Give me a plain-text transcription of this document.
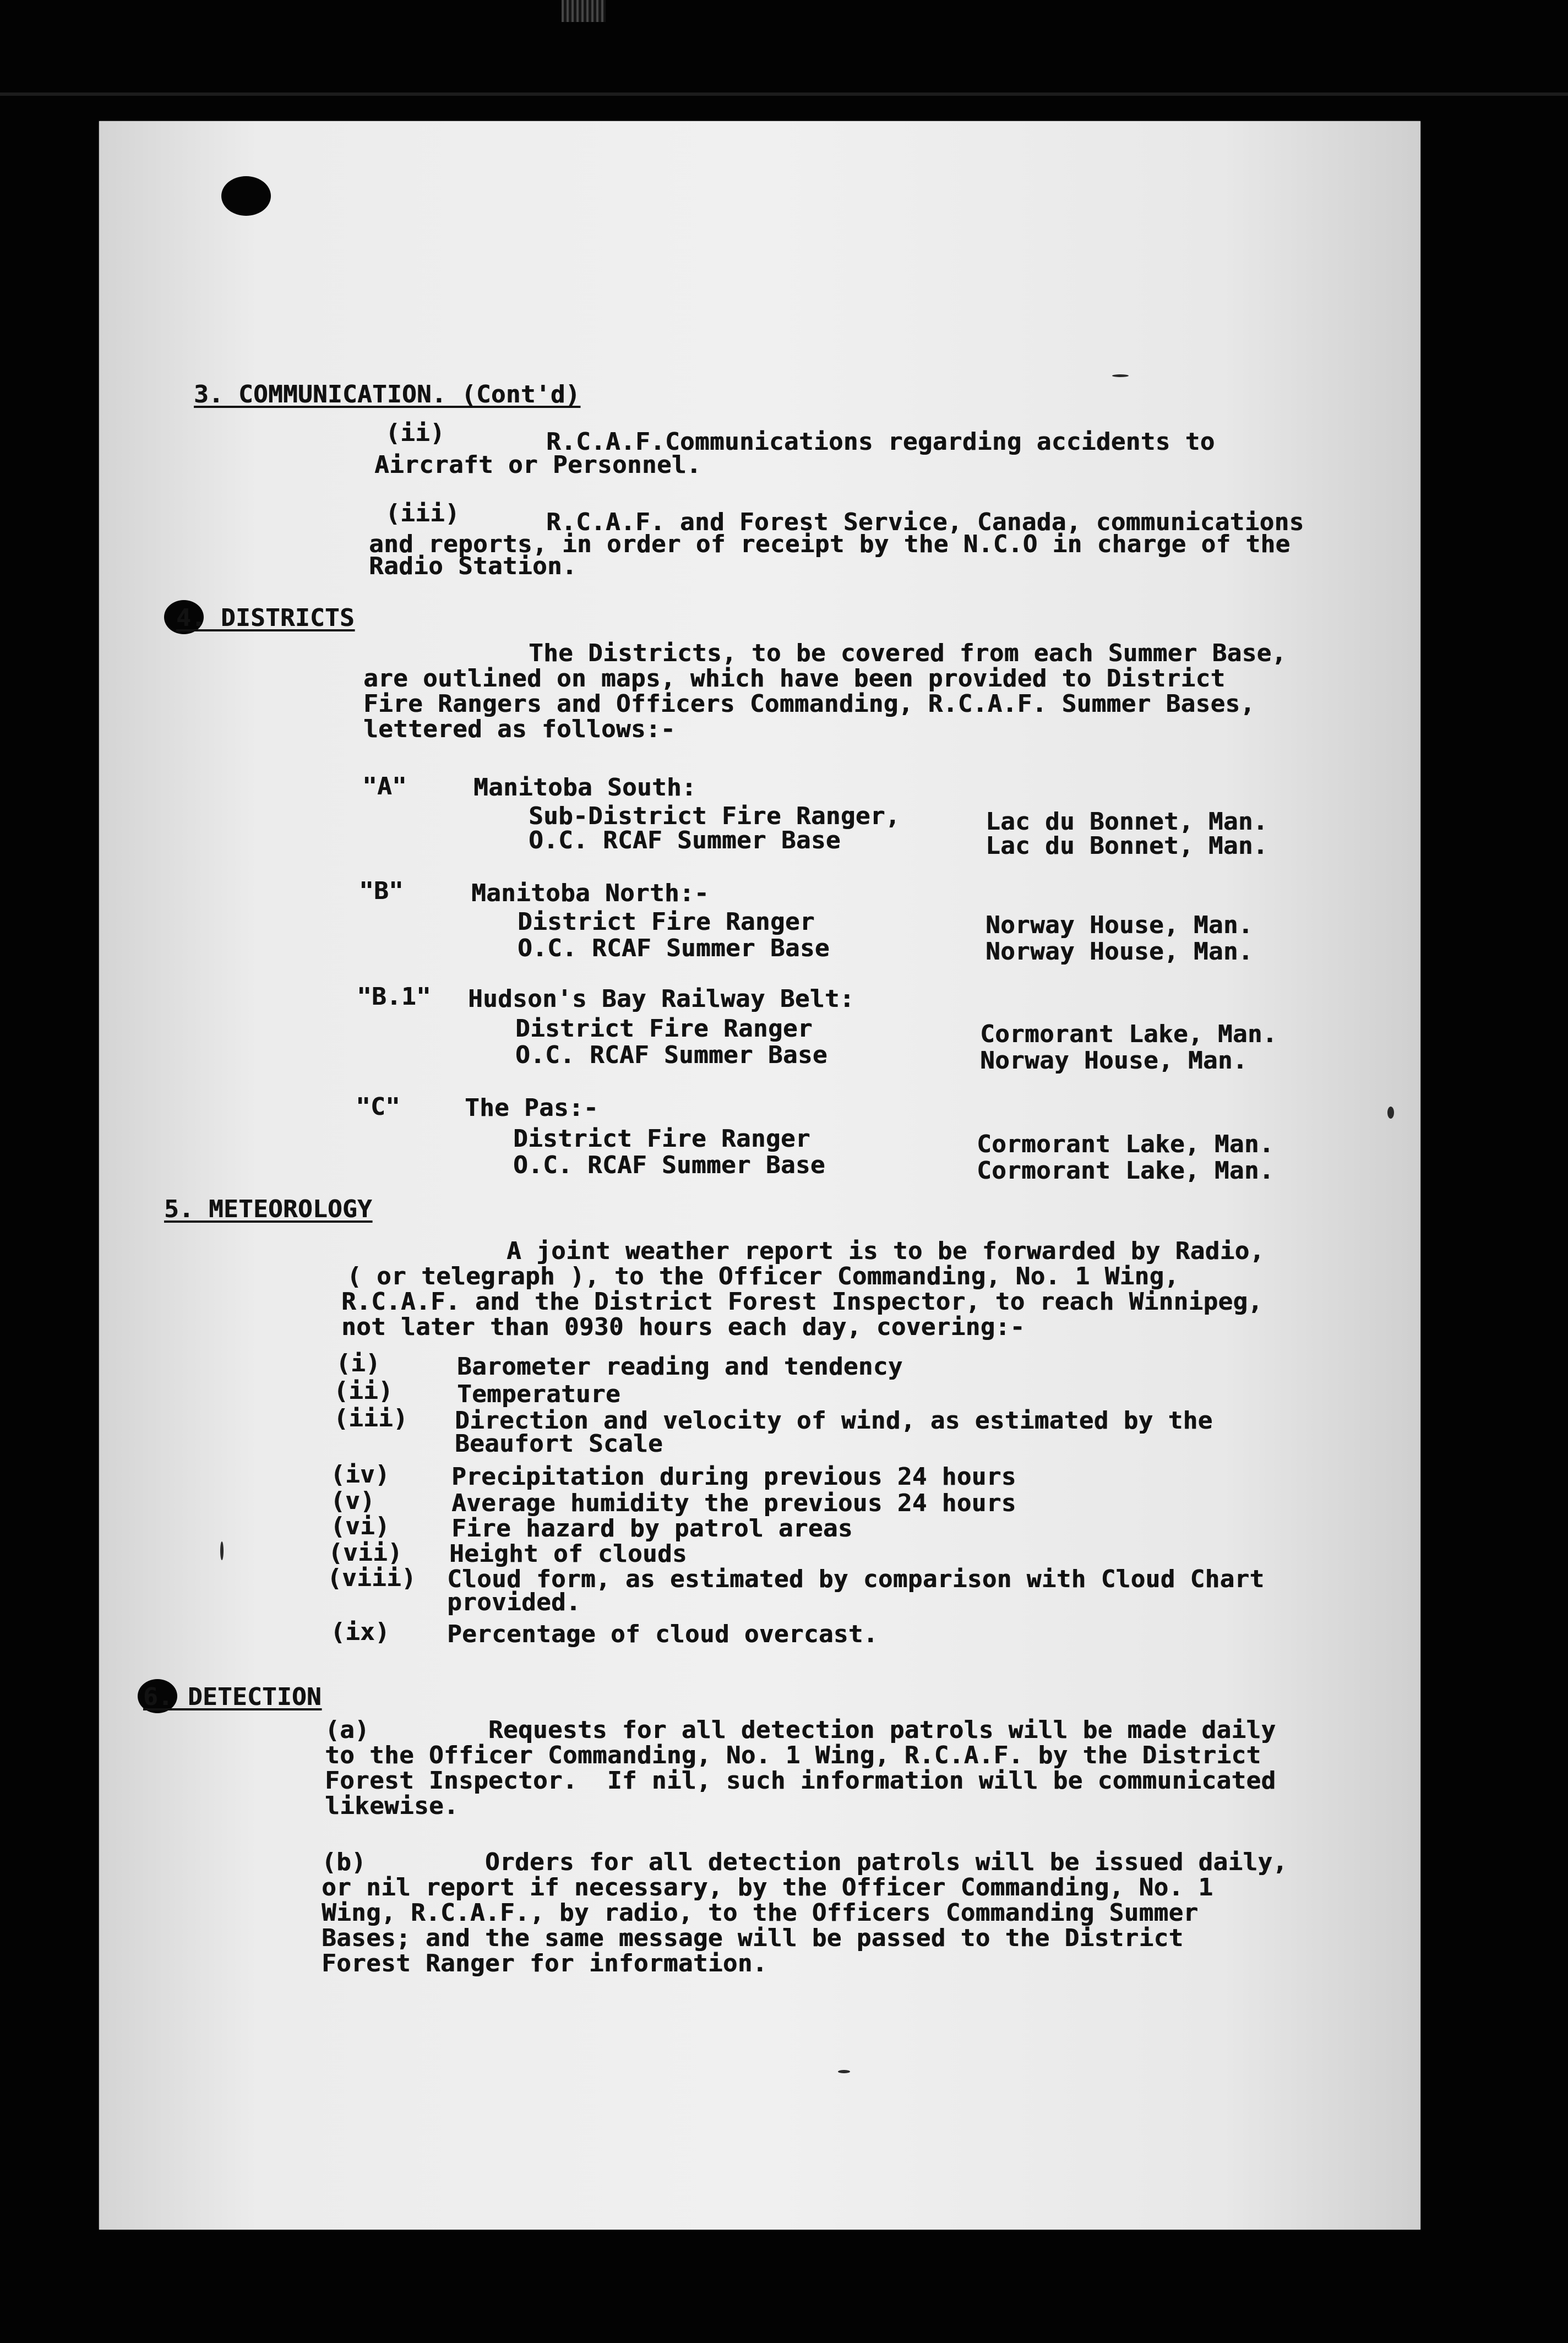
3. COMMUNICATION. (Cont'd)

(ii)	R.C.A.F.Communications regarding accidents to

Aircraft or Personnel.

(iii)	R.C.A.F. and Forest Service, Canada, communications

and reports, in order of receipt by the N.C.O in charge of the

Radio Station.

4. DISTRICTS

The Districts, to be covered from each Summer Base,

are outlined on maps, which have been provided to District

Fire Rangers and Officers Commanding, R.C.A.F. Summer Bases,

lettered as follows:-

"A"	Manitoba South:

Sub-District Fire Ranger,	Lac du Bonnet, Man.

O.C. RCAF Summer Base	Lac du Bonnet, Man.

"B"	Manitoba North:-

District Fire Ranger	Norway House, Man.

O.C. RCAF Summer Base	Norway House, Man.

"B.1" Hudson's Bay Railway Belt:

District Fire Ranger	Cormorant Lake, Man.

O.C. RCAF Summer Base	Norway House, Man.

"C"	The Pas:-

District Fire Ranger	Cormorant Lake, Man.

O.C. RCAF Summer Base	Cormorant Lake, Man.

5. METEOROLOGY

A joint weather report is to be forwarded by Radio,

( or telegraph ), to the Officer Commanding, No. 1 Wing,

R.C.A.F. and the District Forest Inspector, to reach Winnipeg,

not later than 0930 hours each day, covering:-

(i)	Barometer reading and tendency

(ii)	Temperature

(iii) Direction and velocity of wind, as estimated by the

Beaufort Scale

(iv)	Precipitation during previous 24 hours

(v)	Average humidity the previous 24 hours

(vi)	Fire hazard by patrol areas

(vii) Height of clouds

(viii) Cloud form, as estimated by comparison with Cloud Chart

provided.

(ix) Percentage of cloud overcast.

6. DETECTION

(a)        Requests for all detection patrols will be made daily

to the Officer Commanding, No. 1 Wing, R.C.A.F. by the District

Forest Inspector.  If nil, such information will be communicated

likewise.

(b)        Orders for all detection patrols will be issued daily,

or nil report if necessary, by the Officer Commanding, No. 1

Wing, R.C.A.F., by radio, to the Officers Commanding Summer

Bases; and the same message will be passed to the District

Forest Ranger for information.
